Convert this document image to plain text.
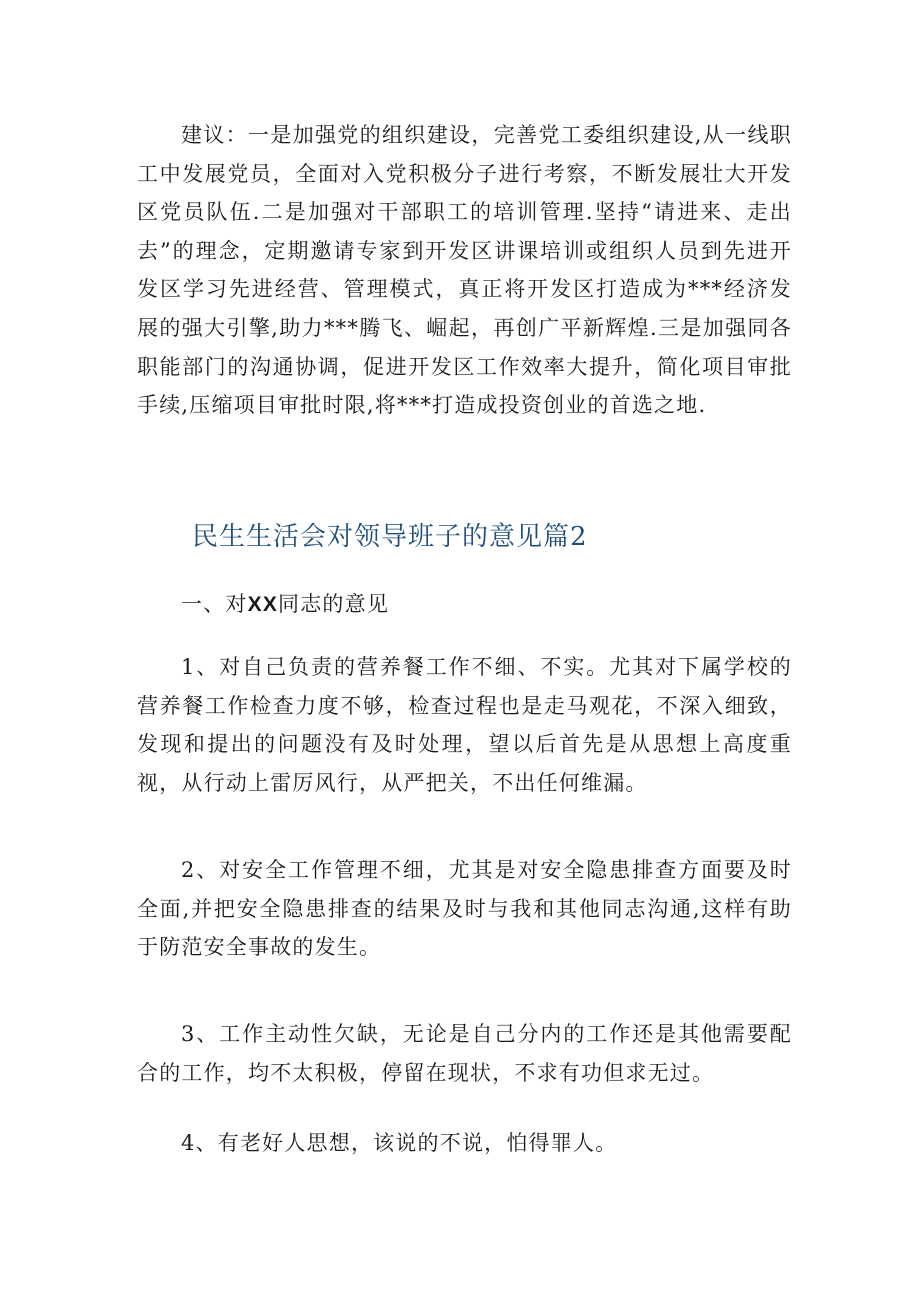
建议：一是加强党的组织建设，完善党工委组织建设,从一线职工中发展党员，全面对入党积极分子进行考察，不断发展壮大开发区党员队伍.二是加强对干部职工的培训管理.坚持“请进来、走出去”的理念，定期邀请专家到开发区讲课培训或组织人员到先进开发区学习先进经营、管理模式，真正将开发区打造成为***经济发展的强大引擎,助力***腾飞、崛起，再创广平新辉煌.三是加强同各职能部门的沟通协调，促进开发区工作效率大提升，简化项目审批手续,压缩项目审批时限,将***打造成投资创业的首选之地.

民生生活会对领导班子的意见篇2
一、对XX同志的意见

1、对自己负责的营养餐工作不细、不实。尤其对下属学校的营养餐工作检查力度不够，检查过程也是走马观花，不深入细致，发现和提出的问题没有及时处理，望以后首先是从思想上高度重视，从行动上雷厉风行，从严把关，不出任何维漏。

2、对安全工作管理不细，尤其是对安全隐患排查方面要及时全面,并把安全隐患排查的结果及时与我和其他同志沟通,这样有助于防范安全事故的发生。

3、工作主动性欠缺，无论是自己分内的工作还是其他需要配合的工作，均不太积极，停留在现状，不求有功但求无过。

4、有老好人思想，该说的不说，怕得罪人。
